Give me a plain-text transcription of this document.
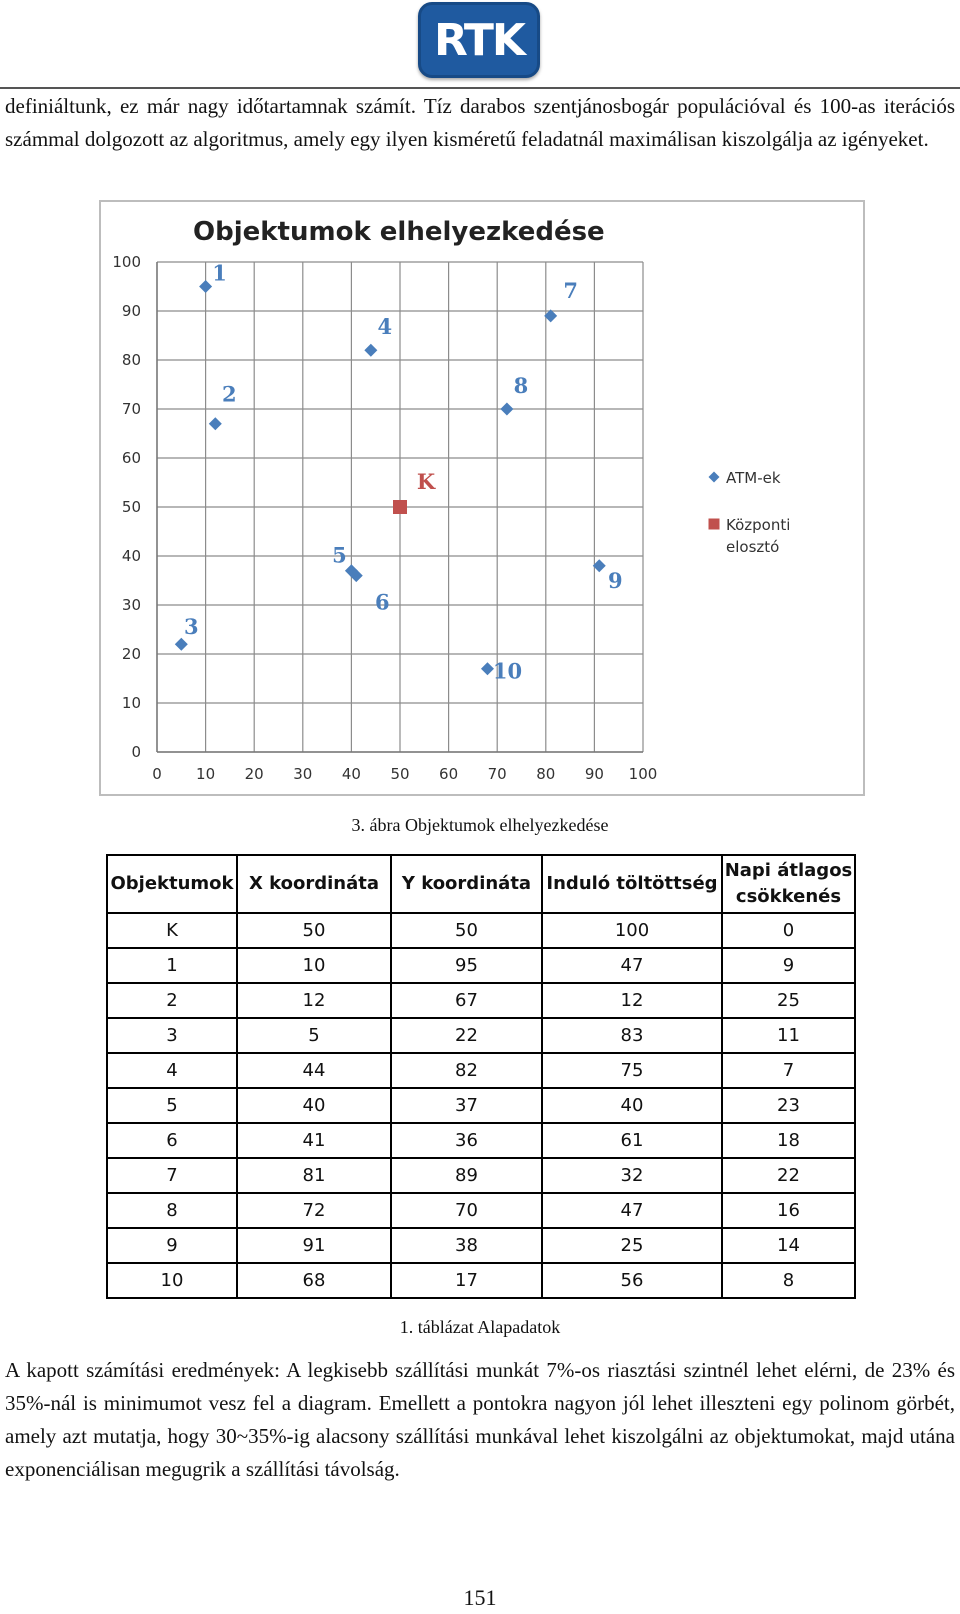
RTK

definiáltunk, ez már nagy időtartamnak számít. Tíz darabos szentjánosbogár populációval és 100-as iterációs számmal dolgozott az algoritmus, amely egy ilyen kisméretű feladatnál maximálisan kiszolgálja az igényeket.

Objektumok elhelyezkedése
0 10 20 30 40 50 60 70 80 90 100
0
10
20
30
40
50
60
70
80
90
100	1
2
3
4
5
6
7
8
9
10
K	ATM-ek
Központi
elosztó

3. ábra Objektumok elhelyezkedése

Objektumok	X koordináta	Y koordináta	Induló töltöttség	Napi átlagos csökkenés
K	50	50	100	0
1	10	95	47	9
2	12	67	12	25
3	5	22	83	11
4	44	82	75	7
5	40	37	40	23
6	41	36	61	18
7	81	89	32	22
8	72	70	47	16
9	91	38	25	14
10	68	17	56	8

1. táblázat Alapadatok

A kapott számítási eredmények: A legkisebb szállítási munkát 7%-os riasztási szintnél lehet elérni, de 23% és 35%-nál is minimumot vesz fel a diagram. Emellett a pontokra nagyon jól lehet illeszteni egy polinom görbét, amely azt mutatja, hogy 30~35%-ig alacsony szállítási munkával lehet kiszolgálni az objektumokat, majd utána exponenciálisan megugrik a szállítási távolság.

151
